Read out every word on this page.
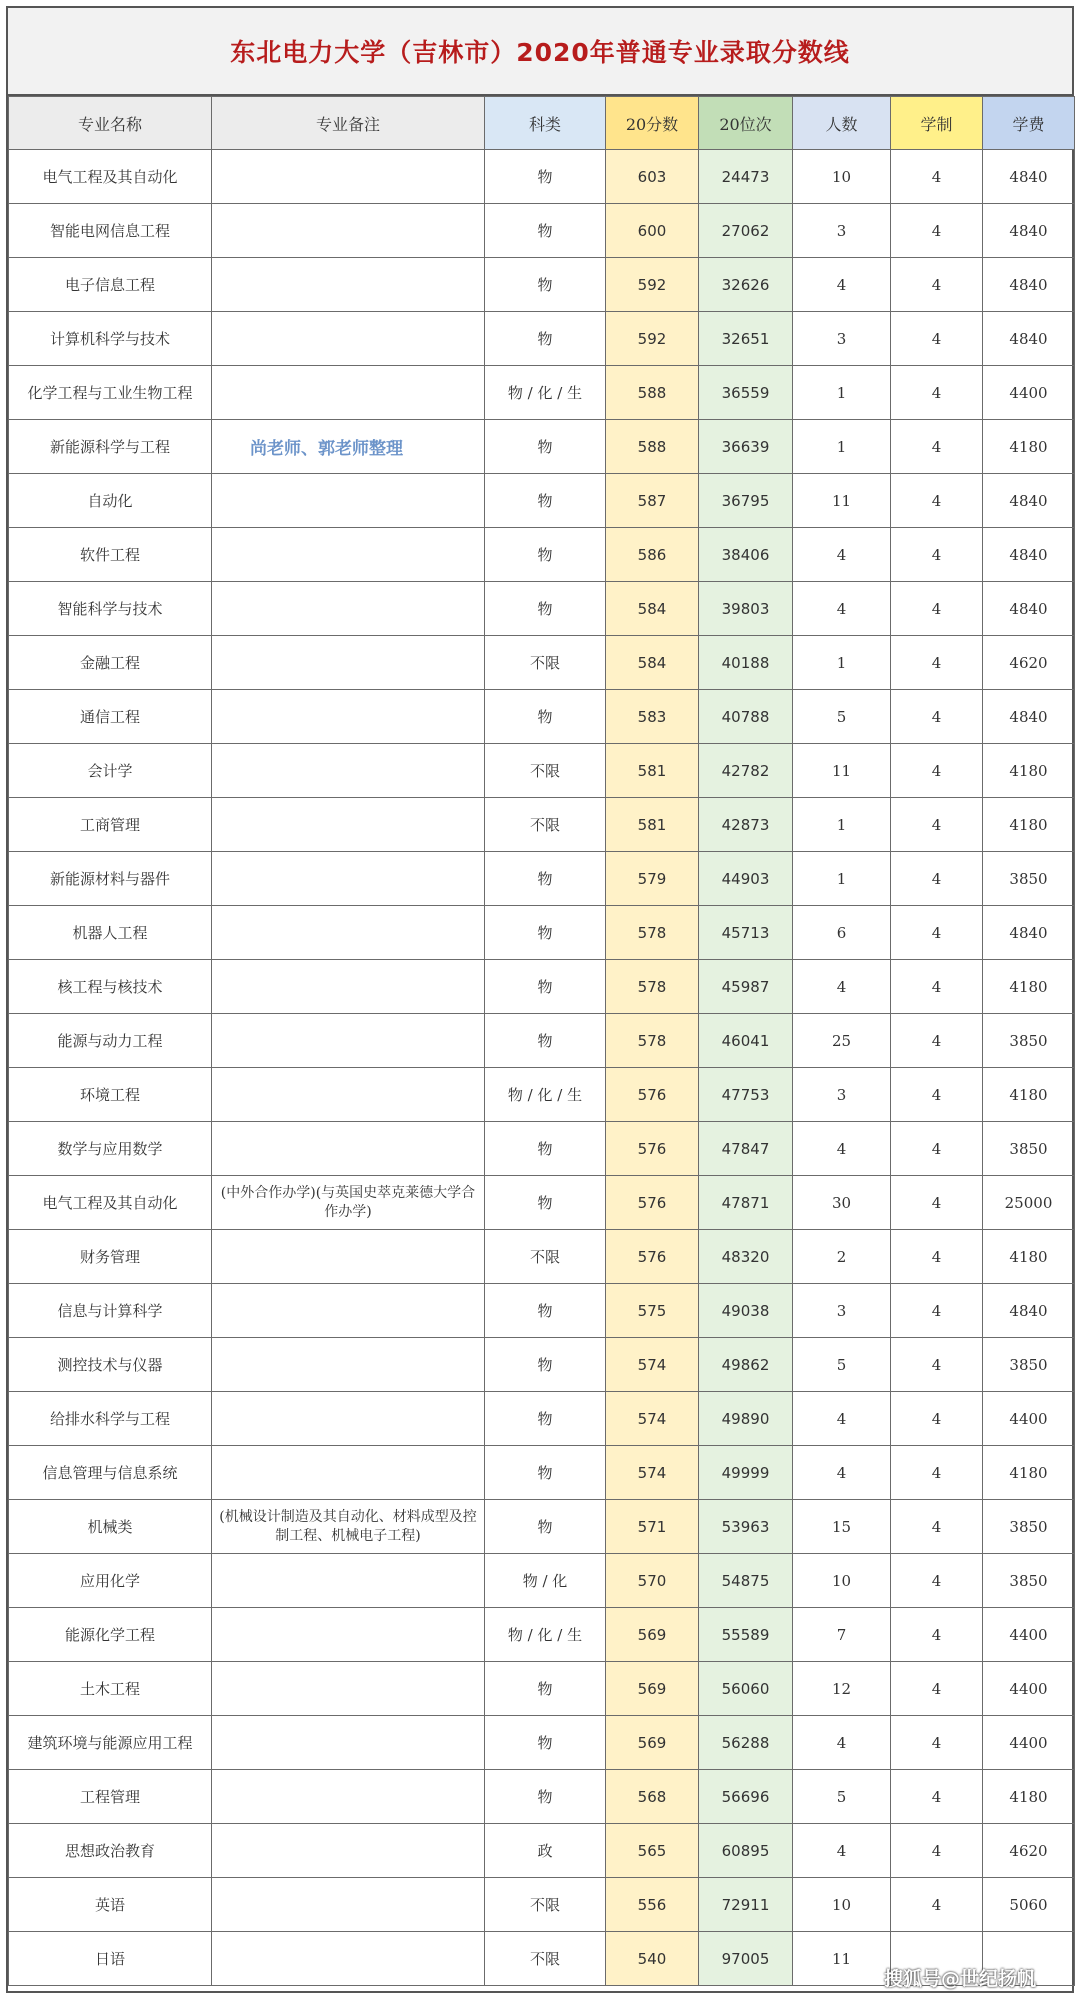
东北电力大学（吉林市）2020年普通专业录取分数线
专业名称	专业备注	科类	20分数	20位次	人数	学制	学费
电气工程及其自动化		物	603	24473	10	4	4840
智能电网信息工程		物	600	27062	3	4	4840
电子信息工程		物	592	32626	4	4	4840
计算机科学与技术		物	592	32651	3	4	4840
化学工程与工业生物工程		物 / 化 / 生	588	36559	1	4	4400
新能源科学与工程		物	588	36639	1	4	4180
自动化		物	587	36795	11	4	4840
软件工程		物	586	38406	4	4	4840
智能科学与技术		物	584	39803	4	4	4840
金融工程		不限	584	40188	1	4	4620
通信工程		物	583	40788	5	4	4840
会计学		不限	581	42782	11	4	4180
工商管理		不限	581	42873	1	4	4180
新能源材料与器件		物	579	44903	1	4	3850
机器人工程		物	578	45713	6	4	4840
核工程与核技术		物	578	45987	4	4	4180
能源与动力工程		物	578	46041	25	4	3850
环境工程		物 / 化 / 生	576	47753	3	4	4180
数学与应用数学		物	576	47847	4	4	3850
电气工程及其自动化	(中外合作办学)(与英国史萃克莱德大学合作办学)	物	576	47871	30	4	25000
财务管理		不限	576	48320	2	4	4180
信息与计算科学		物	575	49038	3	4	4840
测控技术与仪器		物	574	49862	5	4	3850
给排水科学与工程		物	574	49890	4	4	4400
信息管理与信息系统		物	574	49999	4	4	4180
机械类	(机械设计制造及其自动化、材料成型及控制工程、机械电子工程)	物	571	53963	15	4	3850
应用化学		物 / 化	570	54875	10	4	3850
能源化学工程		物 / 化 / 生	569	55589	7	4	4400
土木工程		物	569	56060	12	4	4400
建筑环境与能源应用工程		物	569	56288	4	4	4400
工程管理		物	568	56696	5	4	4180
思想政治教育		政	565	60895	4	4	4620
英语		不限	556	72911	10	4	5060
日语		不限	540	97005	11		
尚老师、郭老师整理
搜狐号@世纪扬帆
